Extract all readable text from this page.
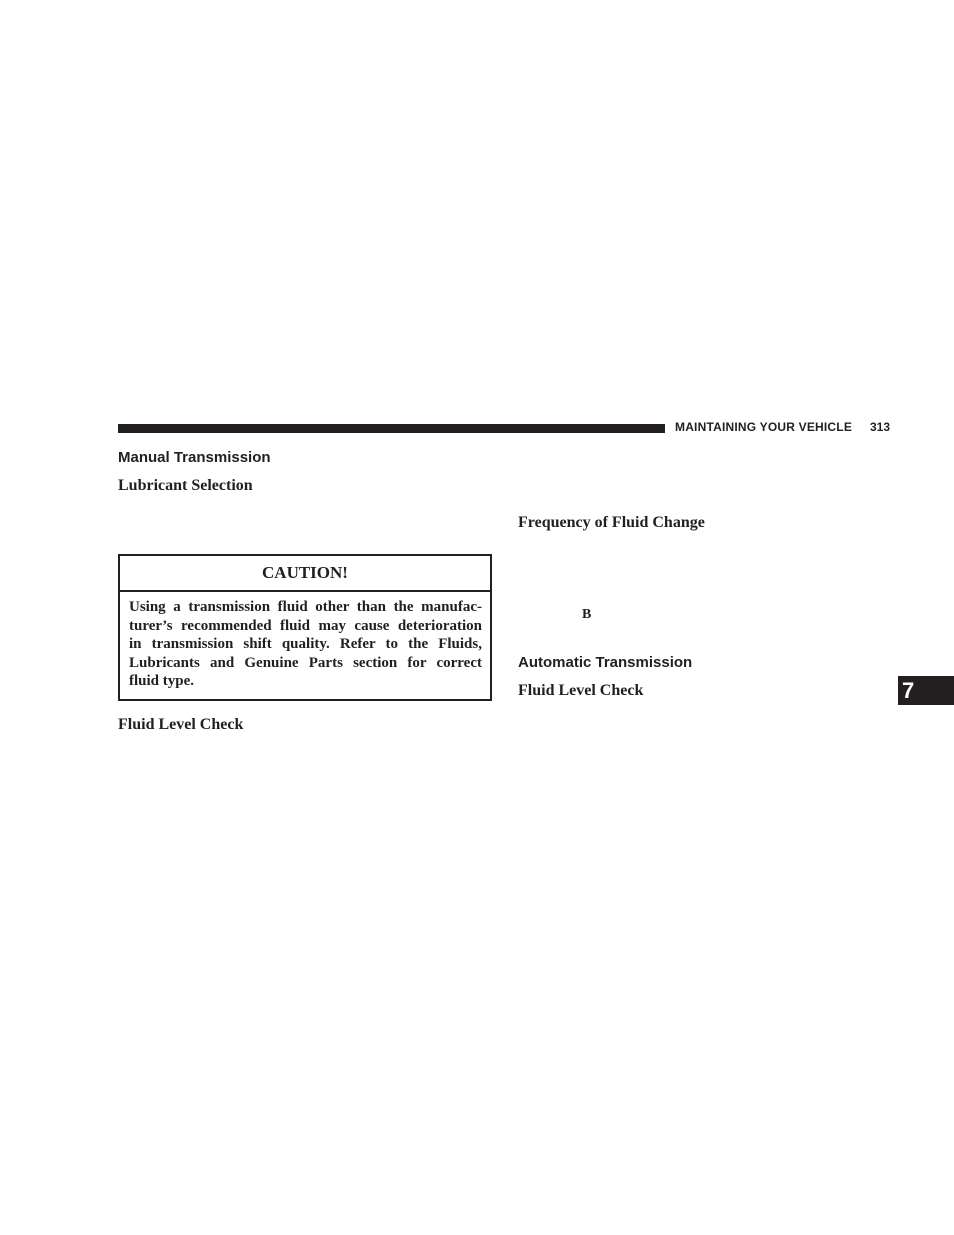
MAINTAINING YOUR VEHICLE 313
Manual Transmission
Lubricant Selection
CAUTION!
Using a transmission fluid other than the manufac-
turer’s recommended fluid may cause deterioration
in transmission shift quality. Refer to the Fluids,
Lubricants and Genuine Parts section for correct
fluid type.
Fluid Level Check
Frequency of Fluid Change
B
Automatic Transmission
Fluid Level Check	7
